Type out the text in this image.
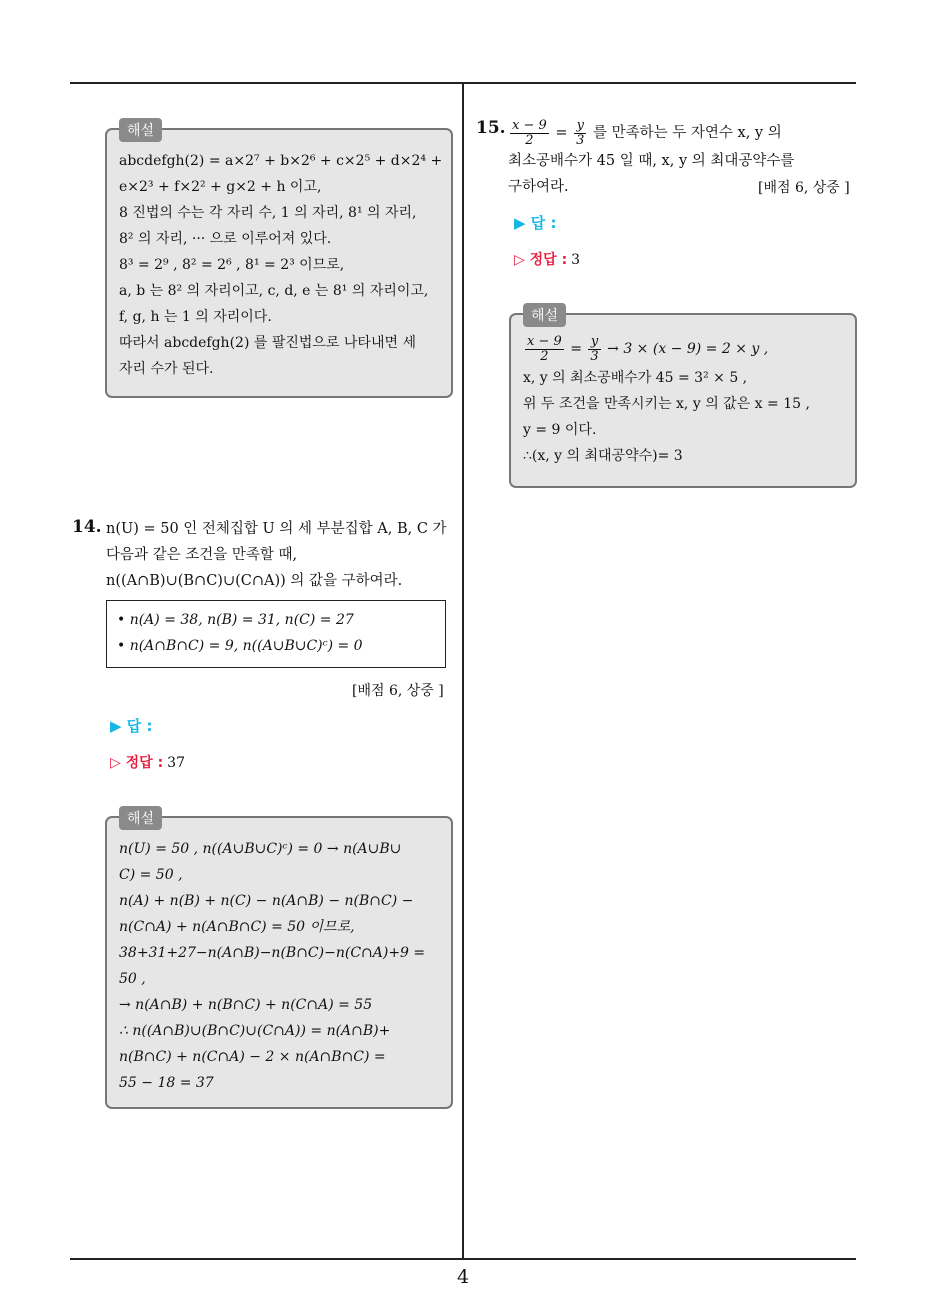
4
해설
abcdefgh(2) = a×2⁷ + b×2⁶ + c×2⁵ + d×2⁴ +
e×2³ + f×2² + g×2 + h 이고,
8 진법의 수는 각 자리 수, 1 의 자리, 8¹ 의 자리,
8² 의 자리, ··· 으로 이루어져 있다.
8³ = 2⁹ , 8² = 2⁶ , 8¹ = 2³ 이므로,
a, b 는 8² 의 자리이고, c, d, e 는 8¹ 의 자리이고,
f, g, h 는 1 의 자리이다.
따라서 abcdefgh(2) 를 팔진법으로 나타내면 세
자리 수가 된다.
14. n(U) = 50 인 전체집합 U 의 세 부분집합 A, B, C 가
다음과 같은 조건을 만족할 때,
n((A∩B)∪(B∩C)∪(C∩A)) 의 값을 구하여라.
• n(A) = 38, n(B) = 31, n(C) = 27
• n(A∩B∩C) = 9, n((A∪B∪C)ᶜ) = 0
[배점 6, 상중 ]
▶ 답 :
▷ 정답 : 37
해설
n(U) = 50 , n((A∪B∪C)ᶜ) = 0 → n(A∪B∪
C) = 50 ,
n(A) + n(B) + n(C) − n(A∩B) − n(B∩C) −
n(C∩A) + n(A∩B∩C) = 50 이므로,
38+31+27−n(A∩B)−n(B∩C)−n(C∩A)+9 =
50 ,
→ n(A∩B) + n(B∩C) + n(C∩A) = 55
∴ n((A∩B)∪(B∩C)∪(C∩A)) = n(A∩B)+
n(B∩C) + n(C∩A) − 2 × n(A∩B∩C) =
55 − 18 = 37
15. $\frac{x - 9}{2} = \frac{y}{3}$ 를 만족하는 두 자연수 x, y 의
최소공배수가 45 일 때, x, y 의 최대공약수를
구하여라.	[배점 6, 상중 ]
▶ 답 :
▷ 정답 : 3
해설
$\frac{x - 9}{2} = \frac{y}{3} \to 3 \times (x - 9) = 2 \times y$ ,
x, y 의 최소공배수가 45 = 3² × 5 ,
위 두 조건을 만족시키는 x, y 의 값은 x = 15 ,
y = 9 이다.
∴(x, y 의 최대공약수)= 3
